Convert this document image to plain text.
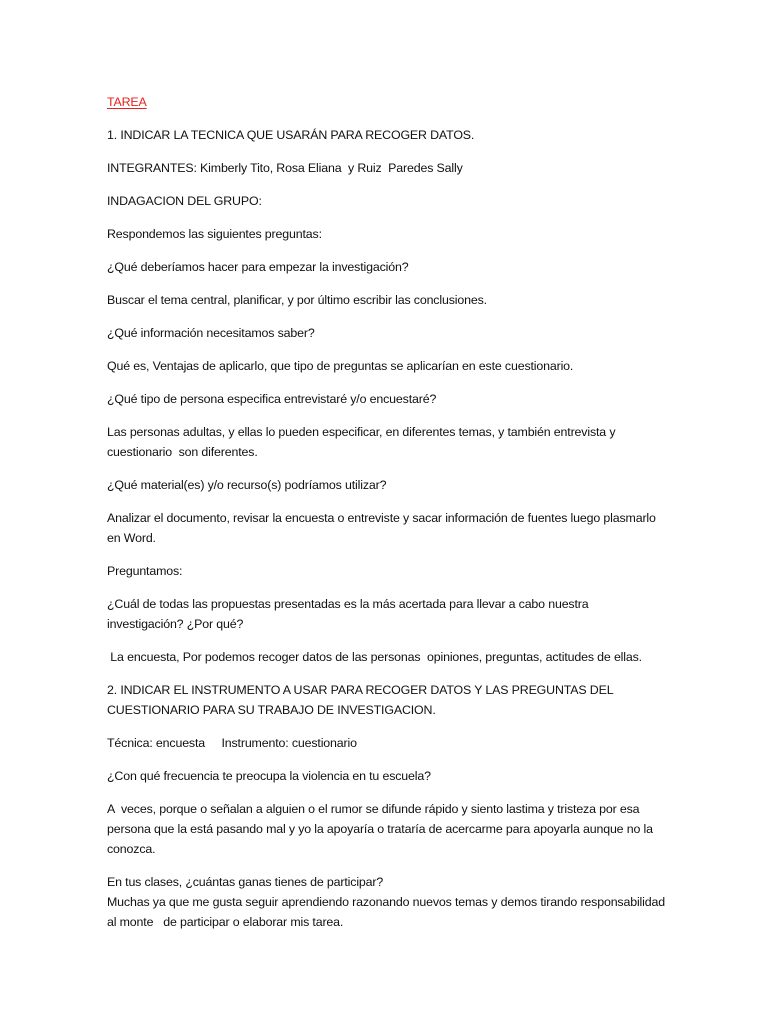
TAREA

1. INDICAR LA TECNICA QUE USARÁN PARA RECOGER DATOS.

INTEGRANTES: Kimberly Tito, Rosa Eliana  y Ruiz  Paredes Sally

INDAGACION DEL GRUPO:

Respondemos las siguientes preguntas:

¿Qué deberíamos hacer para empezar la investigación?

Buscar el tema central, planificar, y por último escribir las conclusiones.

¿Qué información necesitamos saber?

Qué es, Ventajas de aplicarlo, que tipo de preguntas se aplicarían en este cuestionario.

¿Qué tipo de persona especifica entrevistaré y/o encuestaré?

Las personas adultas, y ellas lo pueden especificar, en diferentes temas, y también entrevista y cuestionario  son diferentes.

¿Qué material(es) y/o recurso(s) podríamos utilizar?

Analizar el documento, revisar la encuesta o entreviste y sacar información de fuentes luego plasmarlo en Word.

Preguntamos:

¿Cuál de todas las propuestas presentadas es la más acertada para llevar a cabo nuestra investigación? ¿Por qué?

La encuesta, Por podemos recoger datos de las personas  opiniones, preguntas, actitudes de ellas.

2. INDICAR EL INSTRUMENTO A USAR PARA RECOGER DATOS Y LAS PREGUNTAS DEL CUESTIONARIO PARA SU TRABAJO DE INVESTIGACION.

Técnica: encuesta     Instrumento: cuestionario

¿Con qué frecuencia te preocupa la violencia en tu escuela?

A  veces, porque o señalan a alguien o el rumor se difunde rápido y siento lastima y tristeza por esa persona que la está pasando mal y yo la apoyaría o trataría de acercarme para apoyarla aunque no la conozca.

En tus clases, ¿cuántas ganas tienes de participar?

Muchas ya que me gusta seguir aprendiendo razonando nuevos temas y demos tirando responsabilidad al monte   de participar o elaborar mis tarea.
